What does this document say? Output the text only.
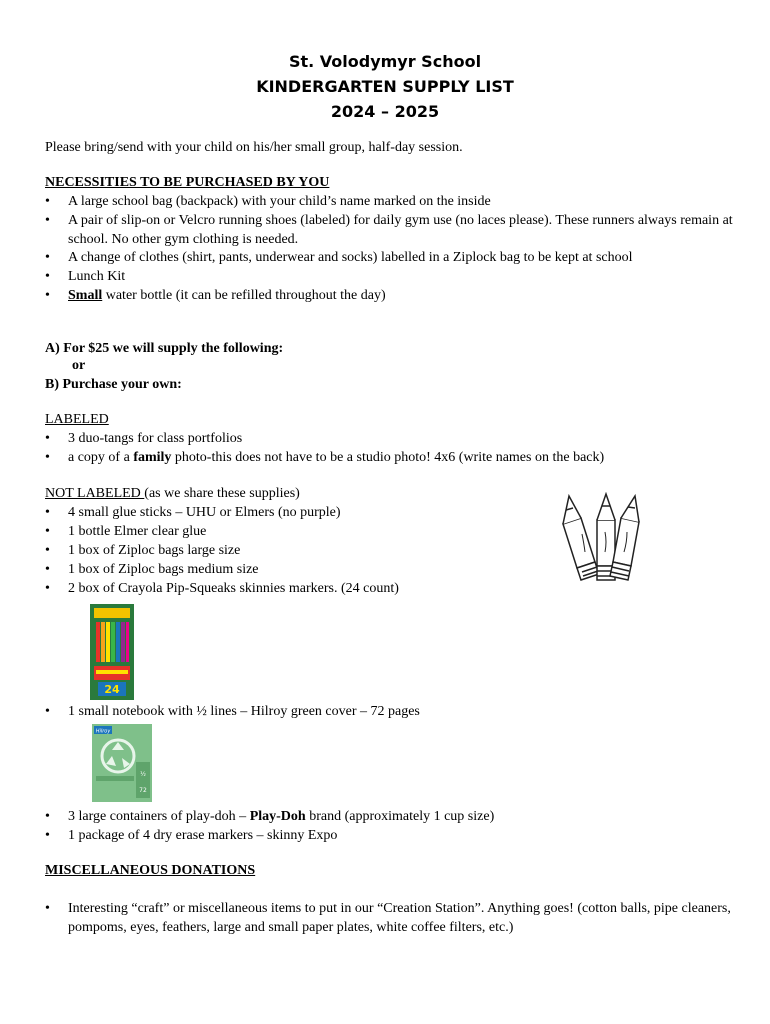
St. Volodymyr School
KINDERGARTEN SUPPLY LIST
2024 – 2025
Please bring/send with your child on his/her small group, half-day session.
NECESSITIES TO BE PURCHASED BY YOU
• A large school bag (backpack) with your child’s name marked on the inside
• A pair of slip-on or Velcro running shoes (labeled) for daily gym use (no laces please). These runners always remain at school. No other gym clothing is needed.
• A change of clothes (shirt, pants, underwear and socks) labelled in a Ziplock bag to be kept at school
• Lunch Kit
• Small water bottle (it can be refilled throughout the day)
A) For $25 we will supply the following:
or
B) Purchase your own:
LABELED
• 3 duo-tangs for class portfolios
• a copy of a family photo-this does not have to be a studio photo! 4x6 (write names on the back)
NOT LABELED (as we share these supplies)
• 4 small glue sticks – UHU or Elmers (no purple)
• 1 bottle Elmer clear glue
• 1 box of Ziploc bags large size
• 1 box of Ziploc bags medium size
• 2 box of Crayola Pip-Squeaks skinnies markers. (24 count)
24
• 1 small notebook with ½ lines – Hilroy green cover – 72 pages
Hilroy
½
72
• 3 large containers of play-doh – Play-Doh brand (approximately 1 cup size)
• 1 package of 4 dry erase markers – skinny Expo
MISCELLANEOUS DONATIONS
• Interesting “craft” or miscellaneous items to put in our “Creation Station”. Anything goes! (cotton balls, pipe cleaners, pompoms, eyes, feathers, large and small paper plates, white coffee filters, etc.)
